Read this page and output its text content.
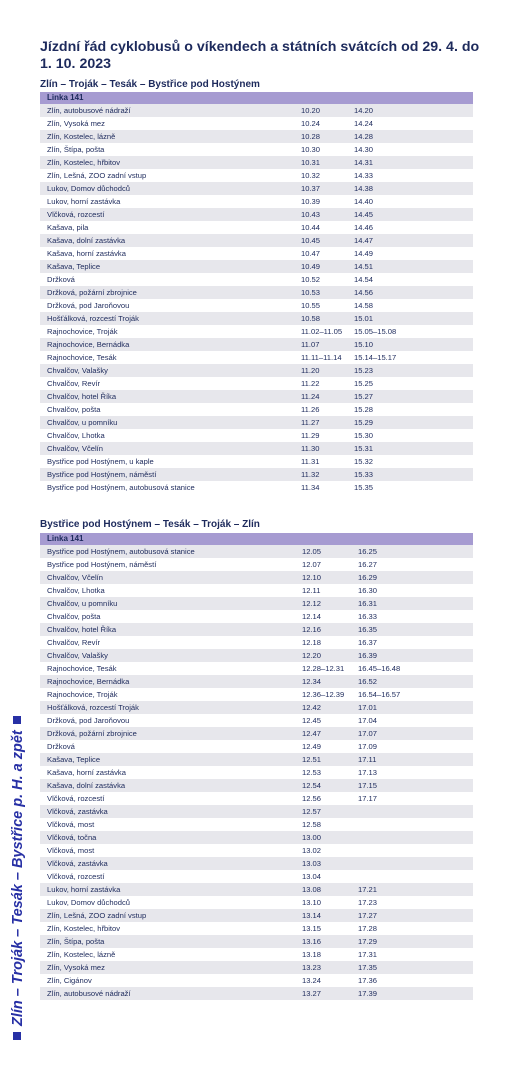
Jízdní řád cyklobusů o víkendech a státních svátcích od 29. 4. do 1. 10. 2023
Zlín – Troják – Tesák – Bystřice pod Hostýnem
Linka 141
Zlín, autobusové nádraží	10.20	14.20
Zlín, Vysoká mez	10.24	14.24
Zlín, Kostelec, lázně	10.28	14.28
Zlín, Štípa, pošta	10.30	14.30
Zlín, Kostelec, hřbitov	10.31	14.31
Zlín, Lešná, ZOO zadní vstup	10.32	14.33
Lukov, Domov důchodců	10.37	14.38
Lukov, horní zastávka	10.39	14.40
Vlčková, rozcestí	10.43	14.45
Kašava, pila	10.44	14.46
Kašava, dolní zastávka	10.45	14.47
Kašava, horní zastávka	10.47	14.49
Kašava, Teplice	10.49	14.51
Držková	10.52	14.54
Držková, požární zbrojnice	10.53	14.56
Držková, pod Jaroňovou	10.55	14.58
Hošťálková, rozcestí Troják	10.58	15.01
Rajnochovice, Troják	11.02–11.05 15.05–15.08
Rajnochovice, Bernádka	11.07	15.10
Rajnochovice, Tesák	11.11–11.14 15.14–15.17
Chvalčov, Valašky	11.20	15.23
Chvalčov, Revír	11.22	15.25
Chvalčov, hotel Říka	11.24	15.27
Chvalčov, pošta	11.26	15.28
Chvalčov, u pomníku	11.27	15.29
Chvalčov, Lhotka	11.29	15.30
Chvalčov, Včelín	11.30	15.31
Bystřice pod Hostýnem, u kaple	11.31	15.32
Bystřice pod Hostýnem, náměstí	11.32	15.33
Bystřice pod Hostýnem, autobusová stanice	11.34	15.35
Bystřice pod Hostýnem – Tesák – Troják – Zlín
Linka 141
Bystřice pod Hostýnem, autobusová stanice	12.05	16.25
Bystřice pod Hostýnem, náměstí	12.07	16.27
Chvalčov, Včelín	12.10	16.29
Chvalčov, Lhotka	12.11	16.30
Chvalčov, u pomníku	12.12	16.31
Chvalčov, pošta	12.14	16.33
Chvalčov, hotel Říka	12.16	16.35
Chvalčov, Revír	12.18	16.37
Chvalčov, Valašky	12.20	16.39
Rajnochovice, Tesák	12.28–12.31 16.45–16.48
Rajnochovice, Bernádka	12.34	16.52
Rajnochovice, Troják	12.36–12.39 16.54–16.57
Hošťálková, rozcestí Troják	12.42	17.01
Držková, pod Jaroňovou	12.45	17.04
Držková, požární zbrojnice	12.47	17.07
Držková	12.49	17.09
Kašava, Teplice	12.51	17.11
Kašava, horní zastávka	12.53	17.13
Kašava, dolní zastávka	12.54	17.15
Vlčková, rozcestí	12.56	17.17
Vlčková, zastávka	12.57
Vlčková, most	12.58
Vlčková, točna	13.00
Vlčková, most	13.02
Vlčková, zastávka	13.03
Vlčková, rozcestí	13.04
Lukov, horní zastávka	13.08	17.21
Lukov, Domov důchodců	13.10	17.23
Zlín, Lešná, ZOO zadní vstup	13.14	17.27
Zlín, Kostelec, hřbitov	13.15	17.28
Zlín, Štípa, pošta	13.16	17.29
Zlín, Kostelec, lázně	13.18	17.31
Zlín, Vysoká mez	13.23	17.35
Zlín, Cigánov	13.24	17.36
Zlín, autobusové nádraží	13.27	17.39
Zlín – Troják – Tesák – Bystřice p. H. a zpět
